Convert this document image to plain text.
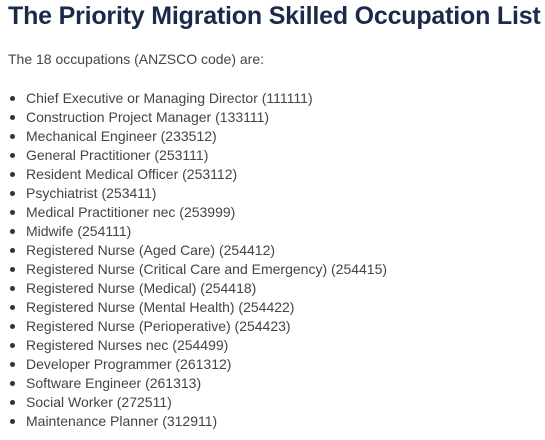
The Priority Migration Skilled Occupation List

The 18 occupations (ANZSCO code) are:

Chief Executive or Managing Director (111111)
Construction Project Manager (133111)
Mechanical Engineer (233512)
General Practitioner (253111)
Resident Medical Officer (253112)
Psychiatrist (253411)
Medical Practitioner nec (253999)
Midwife (254111)
Registered Nurse (Aged Care) (254412)
Registered Nurse (Critical Care and Emergency) (254415)
Registered Nurse (Medical) (254418)
Registered Nurse (Mental Health) (254422)
Registered Nurse (Perioperative) (254423)
Registered Nurses nec (254499)
Developer Programmer (261312)
Software Engineer (261313)
Social Worker (272511)
Maintenance Planner (312911)
